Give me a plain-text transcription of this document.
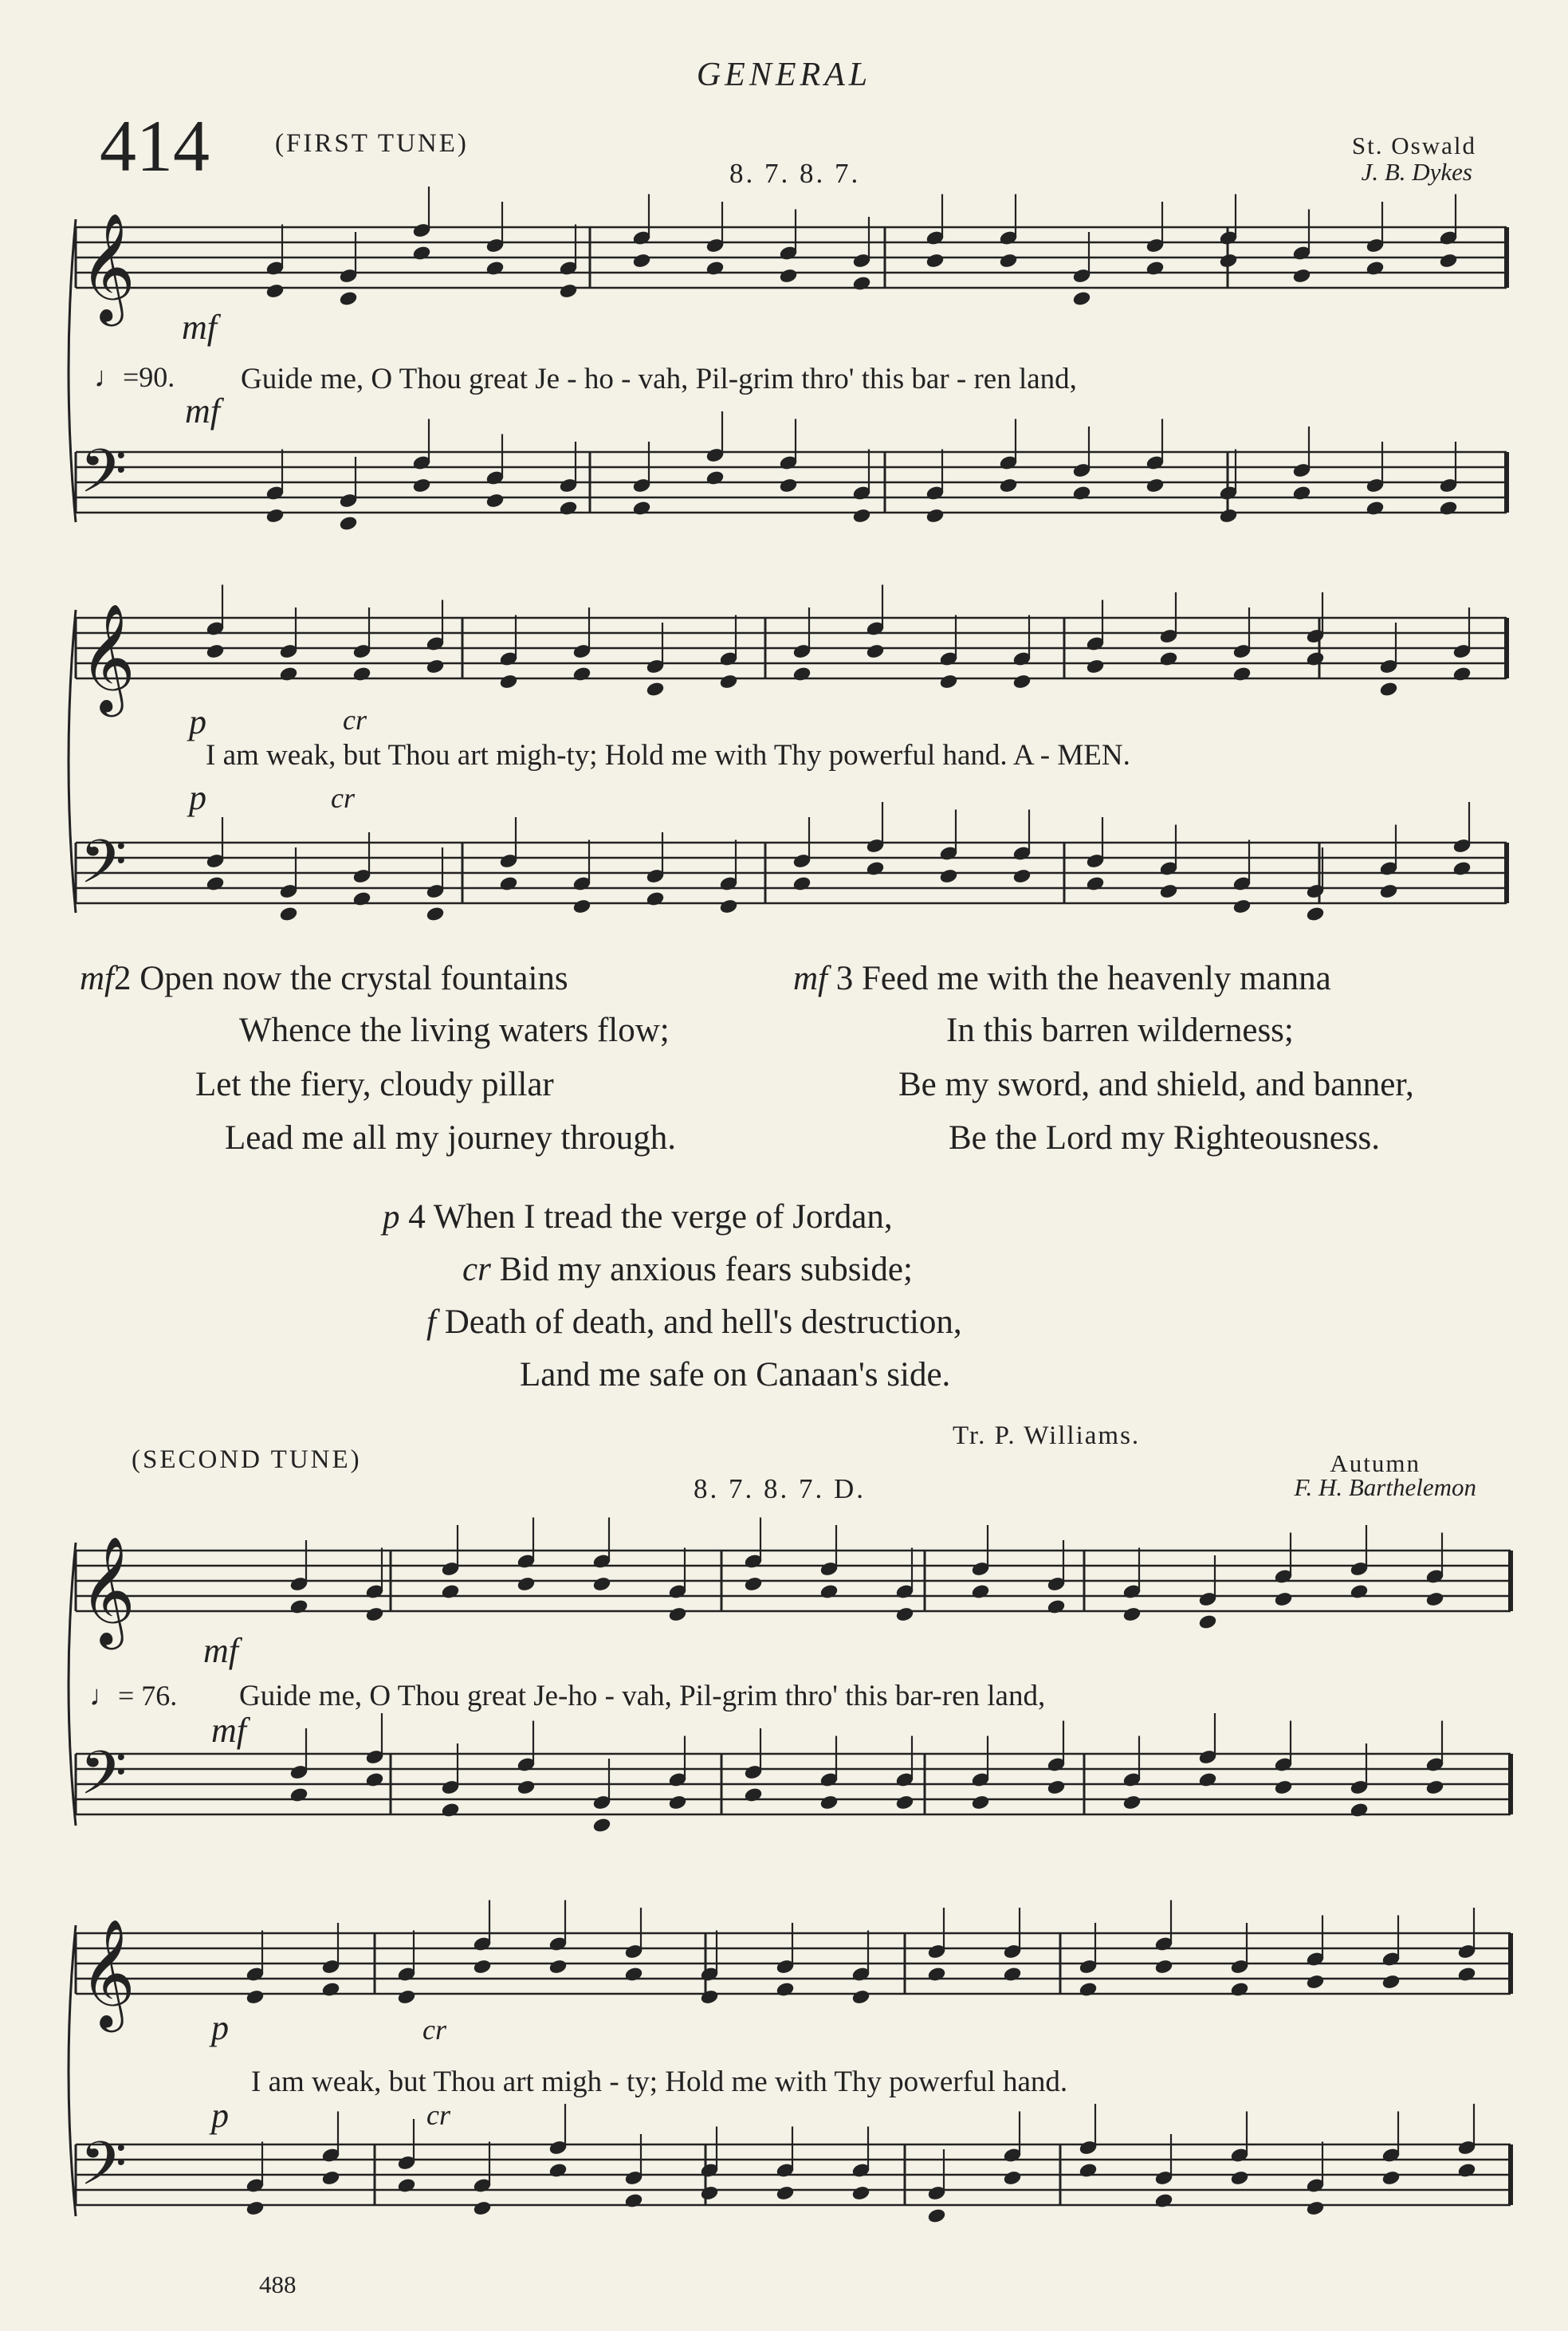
GENERAL
414 (FIRST TUNE)
8. 7. 8. 7.
St. Oswald
J. B. Dykes
(SECOND TUNE)
8. 7. 8. 7. D.
Autumn
F. H. Barthelemon
Tr. P. Williams.
𝄞
𝄢
𝄞
𝄢
𝄞
𝄢
𝄞
𝄢
mf
♩=90. Guide me, O Thou great Je - ho - vah, Pil-grim thro' this bar - ren land,
mf
p	cr
I am weak, but Thou art migh-ty; Hold me with Thy powerful hand. A - MEN.
p	cr
mf2 Open now the crystal fountains
Whence the living waters flow;
Let the fiery, cloudy pillar
Lead me all my journey through.
mf 3 Feed me with the heavenly manna
In this barren wilderness;
Be my sword, and shield, and banner,
Be the Lord my Righteousness.
p 4 When I tread the verge of Jordan,
cr Bid my anxious fears subside;
f Death of death, and hell's destruction,
Land me safe on Canaan's side.
mf
♩= 76. Guide me, O Thou great Je-ho - vah, Pil-grim thro' this bar-ren land,
mf
p	cr
I am weak, but Thou art migh - ty; Hold me with Thy powerful hand.
p	cr
488
